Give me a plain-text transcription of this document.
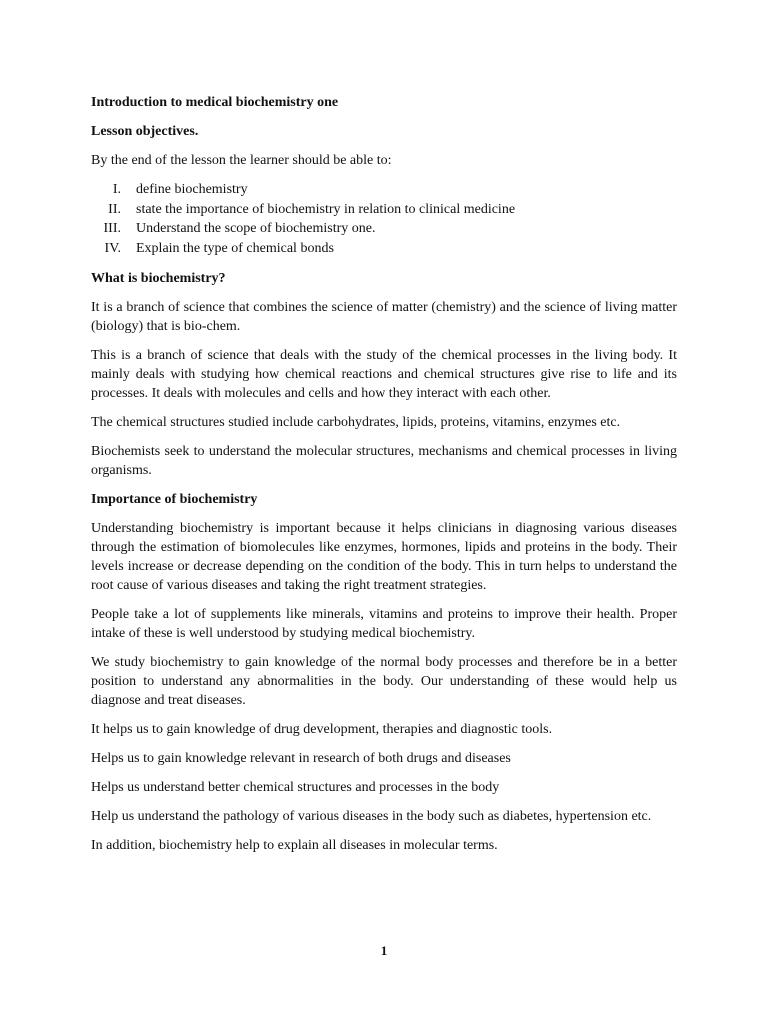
Introduction to medical biochemistry one
Lesson objectives.

By the end of the lesson the learner should be able to:

I.	define biochemistry
II.	state the importance of biochemistry in relation to clinical medicine
III.	Understand the scope of biochemistry one.
IV.	Explain the type of chemical bonds
What is biochemistry?

It is a branch of science that combines the science of matter (chemistry) and the science of living matter (biology) that is bio-chem.

This is a branch of science that deals with the study of the chemical processes in the living body. It mainly deals with studying how chemical reactions and chemical structures give rise to life and its processes. It deals with molecules and cells and how they interact with each other.

The chemical structures studied include carbohydrates, lipids, proteins, vitamins, enzymes etc.

Biochemists seek to understand the molecular structures, mechanisms and chemical processes in living organisms.

Importance of biochemistry

Understanding biochemistry is important because it helps clinicians in diagnosing various diseases through the estimation of biomolecules like enzymes, hormones, lipids and proteins in the body. Their levels increase or decrease depending on the condition of the body. This in turn helps to understand the root cause of various diseases and taking the right treatment strategies.

People take a lot of supplements like minerals, vitamins and proteins to improve their health. Proper intake of these is well understood by studying medical biochemistry.

We study biochemistry to gain knowledge of the normal body processes and therefore be in a better position to understand any abnormalities in the body. Our understanding of these would help us diagnose and treat diseases.

It helps us to gain knowledge of drug development, therapies and diagnostic tools.

Helps us to gain knowledge relevant in research of both drugs and diseases

Helps us understand better chemical structures and processes in the body

Help us understand the pathology of various diseases in the body such as diabetes, hypertension etc.

In addition, biochemistry help to explain all diseases in molecular terms.

1
